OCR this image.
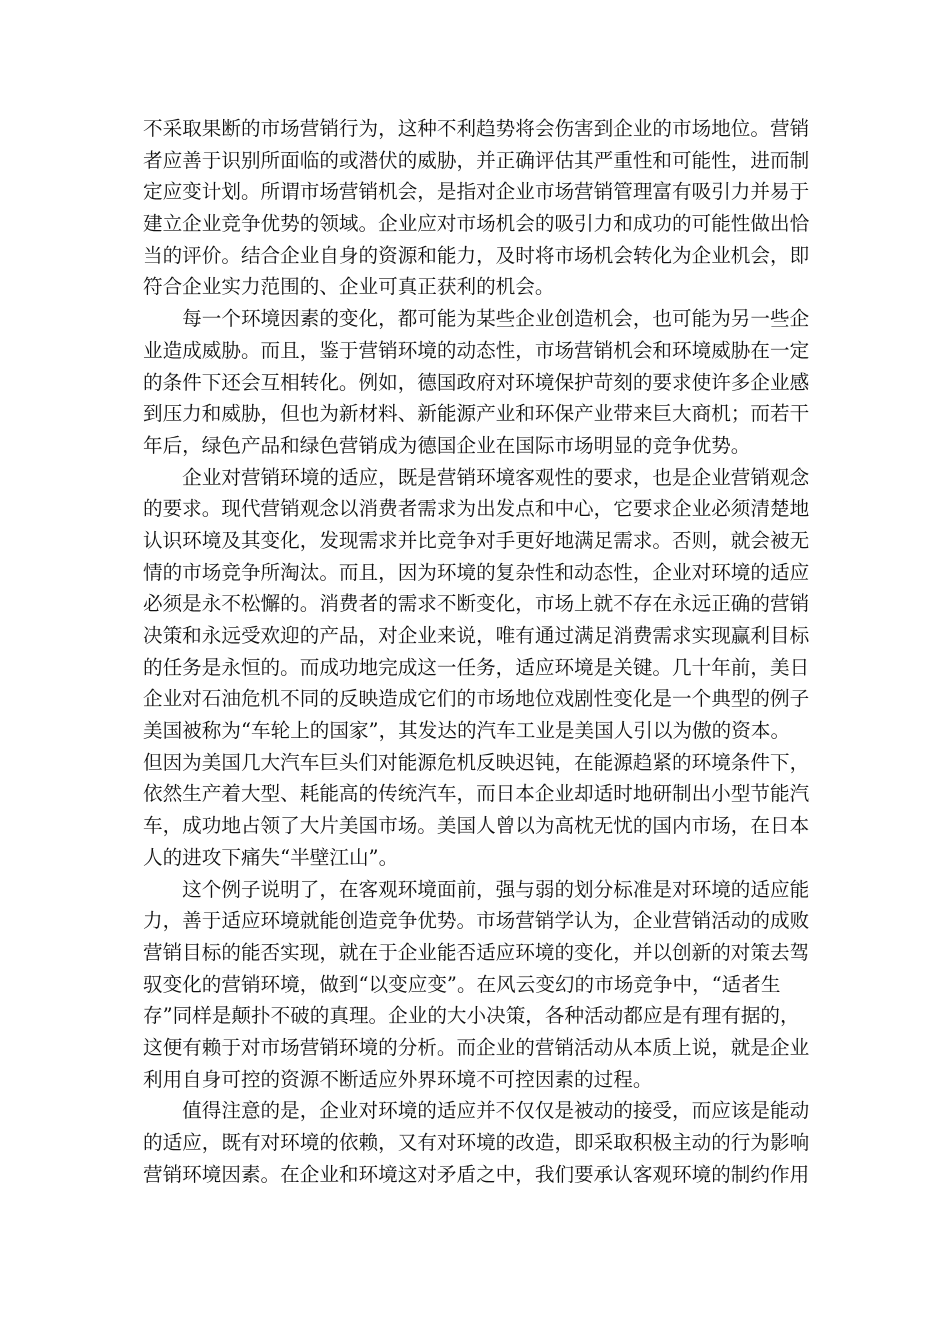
不采取果断的市场营销行为，这种不利趋势将会伤害到企业的市场地位。营销
者应善于识别所面临的或潜伏的威胁，并正确评估其严重性和可能性，进而制
定应变计划。所谓市场营销机会，是指对企业市场营销管理富有吸引力并易于
建立企业竞争优势的领域。企业应对市场机会的吸引力和成功的可能性做出恰
当的评价。结合企业自身的资源和能力，及时将市场机会转化为企业机会，即
符合企业实力范围的、企业可真正获利的机会。
　　每一个环境因素的变化，都可能为某些企业创造机会，也可能为另一些企
业造成威胁。而且，鉴于营销环境的动态性，市场营销机会和环境威胁在一定
的条件下还会互相转化。例如，德国政府对环境保护苛刻的要求使许多企业感
到压力和威胁，但也为新材料、新能源产业和环保产业带来巨大商机；而若干
年后，绿色产品和绿色营销成为德国企业在国际市场明显的竞争优势。
　　企业对营销环境的适应，既是营销环境客观性的要求，也是企业营销观念
的要求。现代营销观念以消费者需求为出发点和中心，它要求企业必须清楚地
认识环境及其变化，发现需求并比竞争对手更好地满足需求。否则，就会被无
情的市场竞争所淘汰。而且，因为环境的复杂性和动态性，企业对环境的适应
必须是永不松懈的。消费者的需求不断变化，市场上就不存在永远正确的营销
决策和永远受欢迎的产品，对企业来说，唯有通过满足消费需求实现赢利目标
的任务是永恒的。而成功地完成这一任务，适应环境是关键。几十年前，美日
企业对石油危机不同的反映造成它们的市场地位戏剧性变化是一个典型的例子
美国被称为“车轮上的国家”，其发达的汽车工业是美国人引以为傲的资本。
但因为美国几大汽车巨头们对能源危机反映迟钝，在能源趋紧的环境条件下，
依然生产着大型、耗能高的传统汽车，而日本企业却适时地研制出小型节能汽
车，成功地占领了大片美国市场。美国人曾以为高枕无忧的国内市场，在日本
人的进攻下痛失“半壁江山”。
　　这个例子说明了，在客观环境面前，强与弱的划分标准是对环境的适应能
力，善于适应环境就能创造竞争优势。市场营销学认为，企业营销活动的成败
营销目标的能否实现，就在于企业能否适应环境的变化，并以创新的对策去驾
驭变化的营销环境，做到“以变应变”。在风云变幻的市场竞争中，“适者生
存”同样是颠扑不破的真理。企业的大小决策，各种活动都应是有理有据的，
这便有赖于对市场营销环境的分析。而企业的营销活动从本质上说，就是企业
利用自身可控的资源不断适应外界环境不可控因素的过程。
　　值得注意的是，企业对环境的适应并不仅仅是被动的接受，而应该是能动
的适应，既有对环境的依赖，又有对环境的改造，即采取积极主动的行为影响
营销环境因素。在企业和环境这对矛盾之中，我们要承认客观环境的制约作用
